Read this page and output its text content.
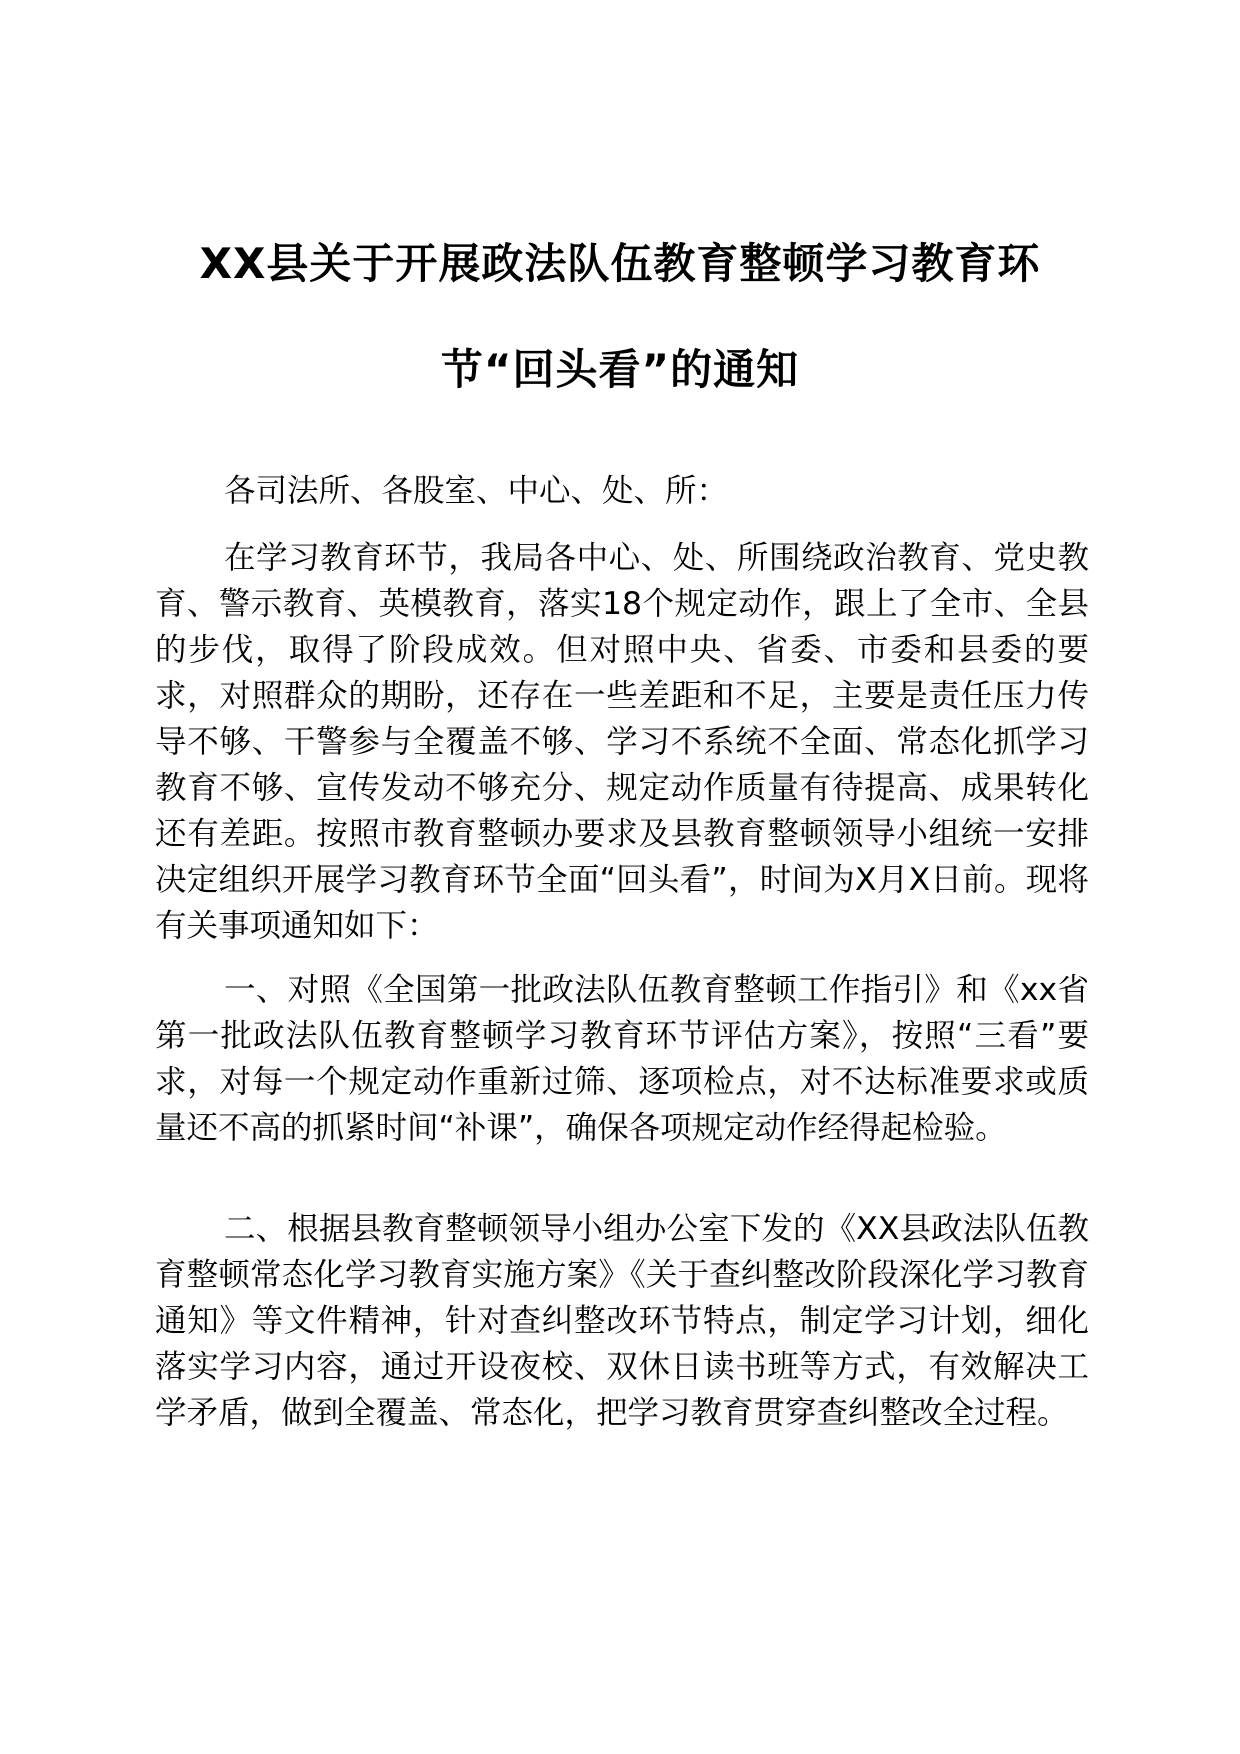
XX县关于开展政法队伍教育整顿学习教育环
节“回头看”的通知
各司法所、各股室、中心、处、所：
在学习教育环节，我局各中心、处、所围绕政治教育、党史教育、警示教育、英模教育，落实18个规定动作，跟上了全市、全县的步伐，取得了阶段成效。但对照中央、省委、市委和县委的要求，对照群众的期盼，还存在一些差距和不足，主要是责任压力传导不够、干警参与全覆盖不够、学习不系统不全面、常态化抓学习教育不够、宣传发动不够充分、规定动作质量有待提高、成果转化还有差距。按照市教育整顿办要求及县教育整顿领导小组统一安排决定组织开展学习教育环节全面“回头看”，时间为X月X日前。现将有关事项通知如下：
一、对照《全国第一批政法队伍教育整顿工作指引》和《xx省第一批政法队伍教育整顿学习教育环节评估方案》，按照“三看”要求，对每一个规定动作重新过筛、逐项检点，对不达标准要求或质量还不高的抓紧时间“补课”，确保各项规定动作经得起检验。
二、根据县教育整顿领导小组办公室下发的《XX县政法队伍教育整顿常态化学习教育实施方案》《关于查纠整改阶段深化学习教育通知》等文件精神，针对查纠整改环节特点，制定学习计划，细化落实学习内容，通过开设夜校、双休日读书班等方式，有效解决工学矛盾，做到全覆盖、常态化，把学习教育贯穿查纠整改全过程。
